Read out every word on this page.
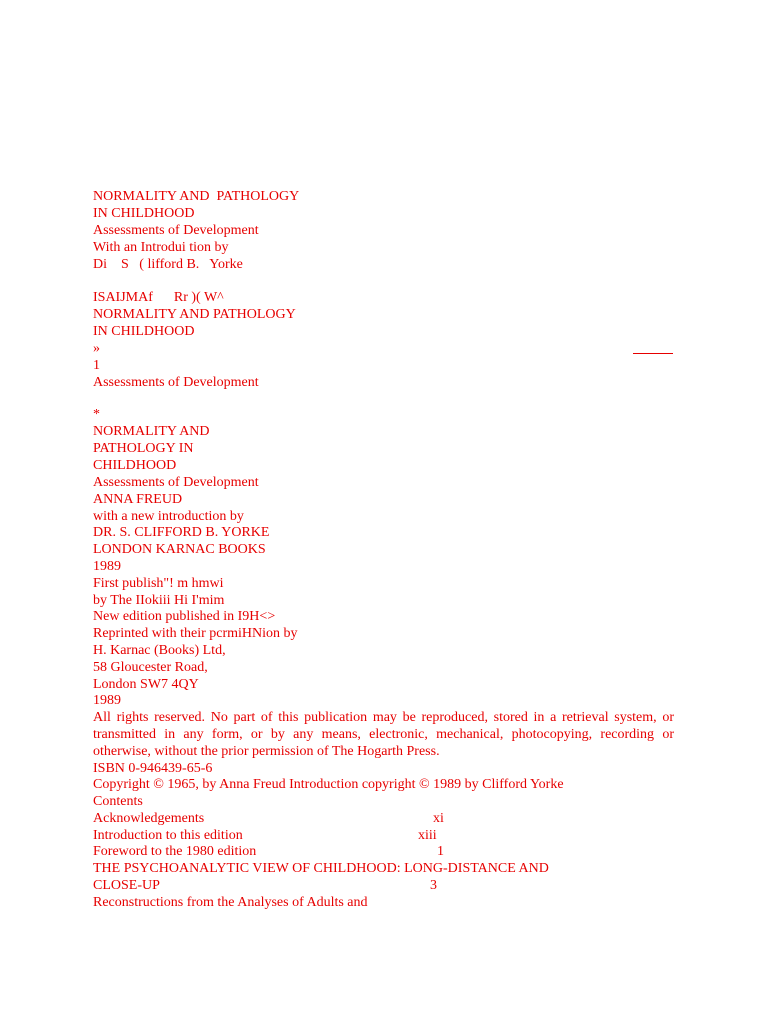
NORMALITY AND  PATHOLOGY
IN CHILDHOOD
Assessments of Development
With an Introdui tion by
Di    S   ( lifford B.   Yorke
ISAIJMAf      Rr )( W^
NORMALITY AND PATHOLOGY
IN CHILDHOOD
»
1
Assessments of Development
*
NORMALITY AND
PATHOLOGY IN
CHILDHOOD
Assessments of Development
ANNA FREUD
with a new introduction by
DR. S. CLIFFORD B. YORKE
LONDON KARNAC BOOKS
1989
First publish"! m hmwi
by The IIokiii Hi I'mim
New edition published in I9H<>
Reprinted with their pcrmiHNion by
H. Karnac (Books) Ltd,
58 Gloucester Road,
London SW7 4QY
1989
All rights reserved. No part of this publication may be reproduced, stored in a retrieval system, or transmitted in any form, or by any means, electronic, mechanical, photocopying, recording or otherwise, without the prior permission of The Hogarth Press.
ISBN 0-946439-65-6
Copyright © 1965, by Anna Freud Introduction copyright © 1989 by Clifford Yorke
Contents
Acknowledgements	xi
Introduction to this edition	xiii
Foreword to the 1980 edition	1
THE PSYCHOANALYTIC VIEW OF CHILDHOOD: LONG-DISTANCE AND
CLOSE-UP	3
Reconstructions from the Analyses of Adults and
